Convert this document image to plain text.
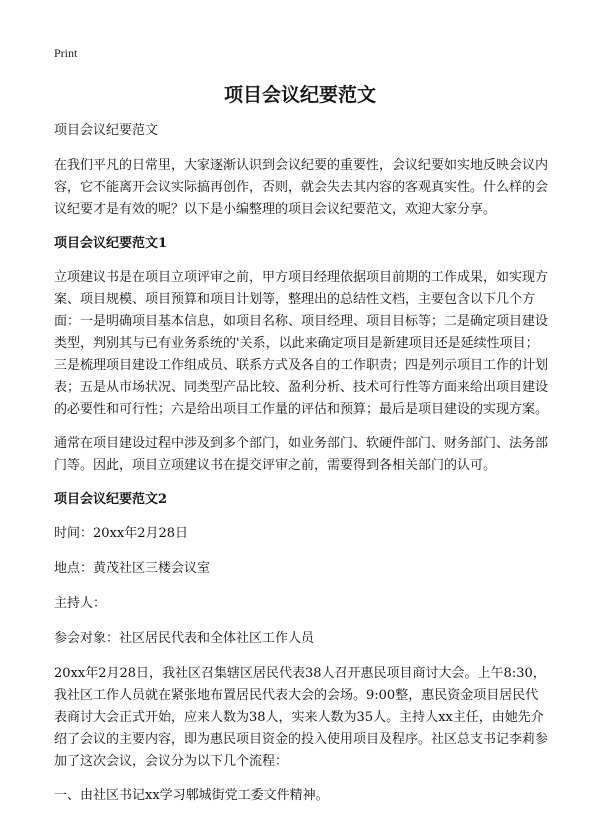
Print
项目会议纪要范文

项目会议纪要范文

在我们平凡的日常里，大家逐渐认识到会议纪要的重要性，会议纪要如实地反映会议内容，它不能离开会议实际搞再创作，否则，就会失去其内容的客观真实性。什么样的会议纪要才是有效的呢？以下是小编整理的项目会议纪要范文，欢迎大家分享。

项目会议纪要范文1

立项建议书是在项目立项评审之前，甲方项目经理依据项目前期的工作成果，如实现方案、项目规模、项目预算和项目计划等，整理出的总结性文档，主要包含以下几个方面：一是明确项目基本信息，如项目名称、项目经理、项目目标等；二是确定项目建设类型，判别其与已有业务系统的'关系，以此来确定项目是新建项目还是延续性项目；三是梳理项目建设工作组成员、联系方式及各自的工作职责；四是列示项目工作的计划表；五是从市场状况、同类型产品比较、盈利分析、技术可行性等方面来给出项目建设的必要性和可行性；六是给出项目工作量的评估和预算；最后是项目建设的实现方案。

通常在项目建设过程中涉及到多个部门，如业务部门、软硬件部门、财务部门、法务部门等。因此，项目立项建议书在提交评审之前，需要得到各相关部门的认可。

项目会议纪要范文2

时间：20xx年2月28日

地点：黄茂社区三楼会议室

主持人：

参会对象：社区居民代表和全体社区工作人员

20xx年2月28日，我社区召集辖区居民代表38人召开惠民项目商讨大会。上午8:30，我社区工作人员就在紧张地布置居民代表大会的会场。9:00整，惠民资金项目居民代表商讨大会正式开始，应来人数为38人，实来人数为35人。主持人xx主任，由她先介绍了会议的主要内容，即为惠民项目资金的投入使用项目及程序。社区总支书记李莉参加了这次会议，会议分为以下几个流程：

一、由社区书记xx学习郫城街党工委文件精神。
